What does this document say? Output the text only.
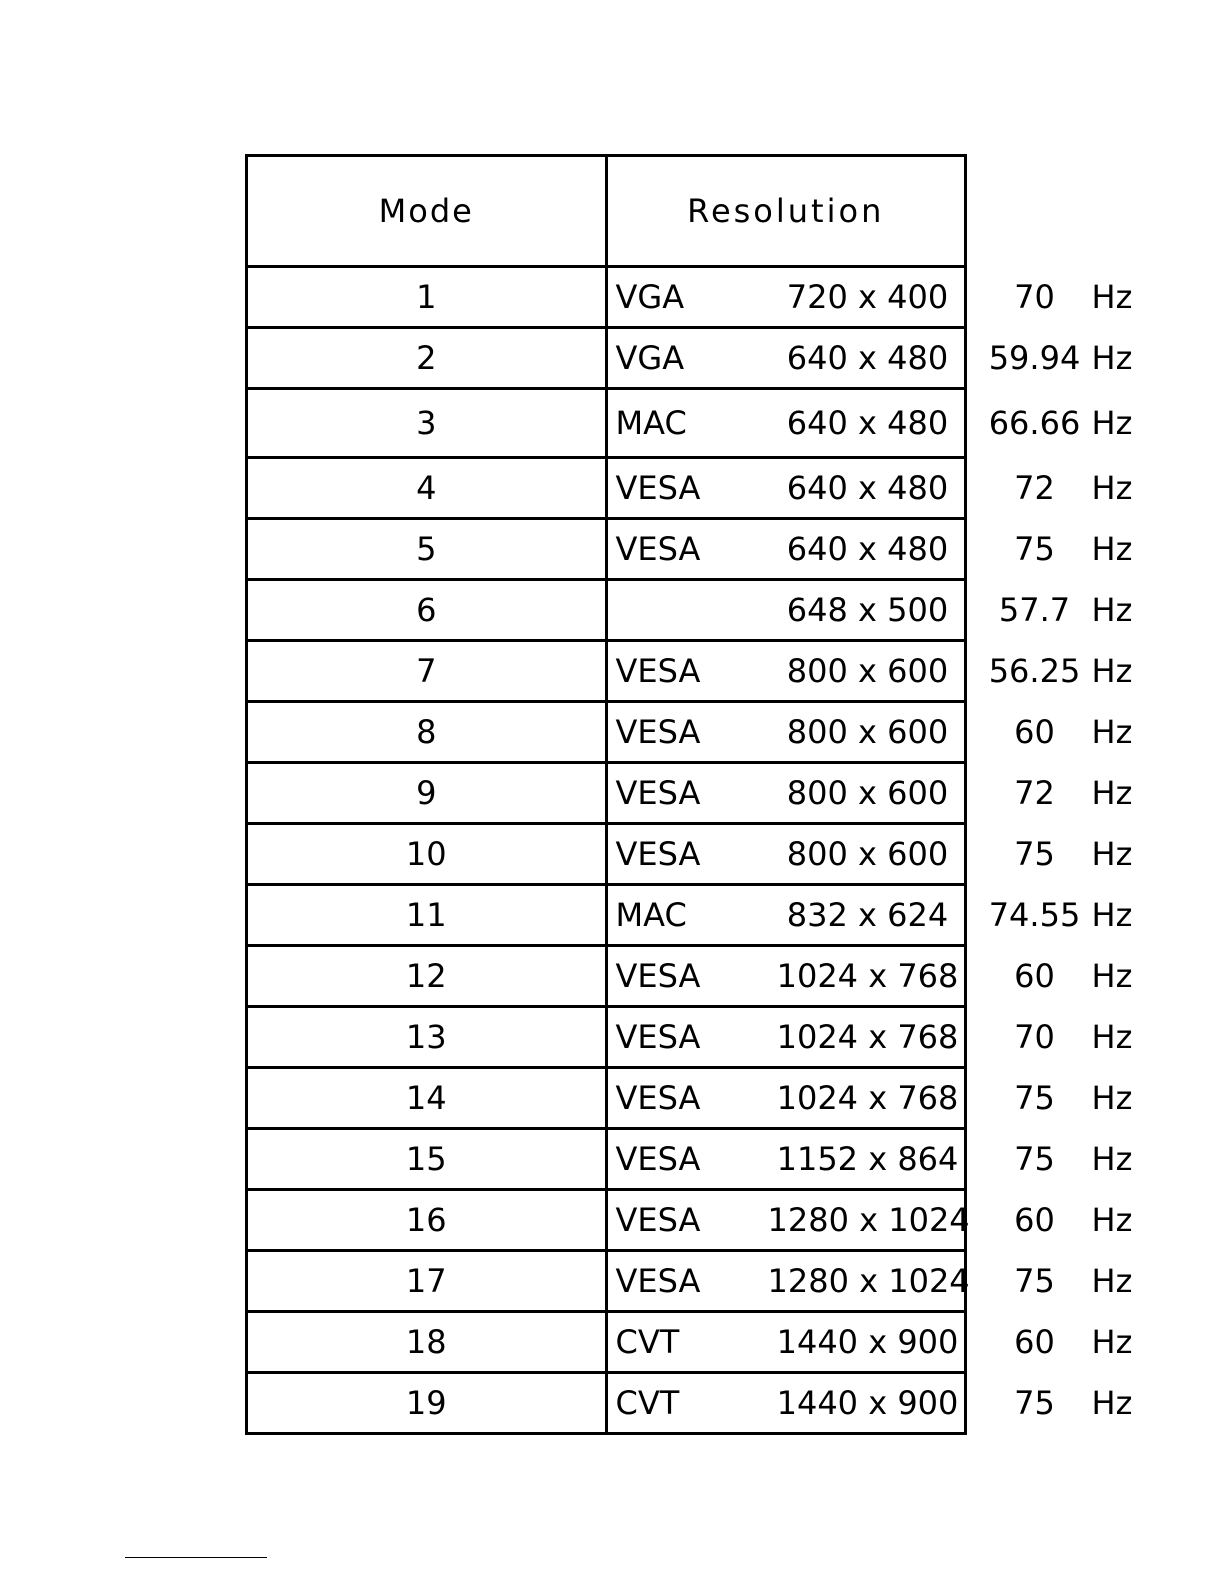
Mode	Resolution
1	VGA 720 x 400 70 Hz

2	VGA 640 x 480 59.94 Hz

3	MAC 640 x 480 66.66 Hz

4	VESA 640 x 480 72 Hz

5	VESA 640 x 480 75 Hz

6	648 x 500 57.7 Hz

7	VESA 800 x 600 56.25 Hz

8	VESA 800 x 600 60 Hz

9	VESA 800 x 600 72 Hz

10	VESA 800 x 600 75 Hz

11	MAC 832 x 624 74.55 Hz

12	VESA 1024 x 768 60 Hz

13	VESA 1024 x 768 70 Hz

14	VESA 1024 x 768 75 Hz

15	VESA 1152 x 864 75 Hz

16	VESA 1280 x 1024 60 Hz

17	VESA 1280 x 1024 75 Hz

18	CVT 1440 x 900 60 Hz

19	CVT 1440 x 900 75 Hz
